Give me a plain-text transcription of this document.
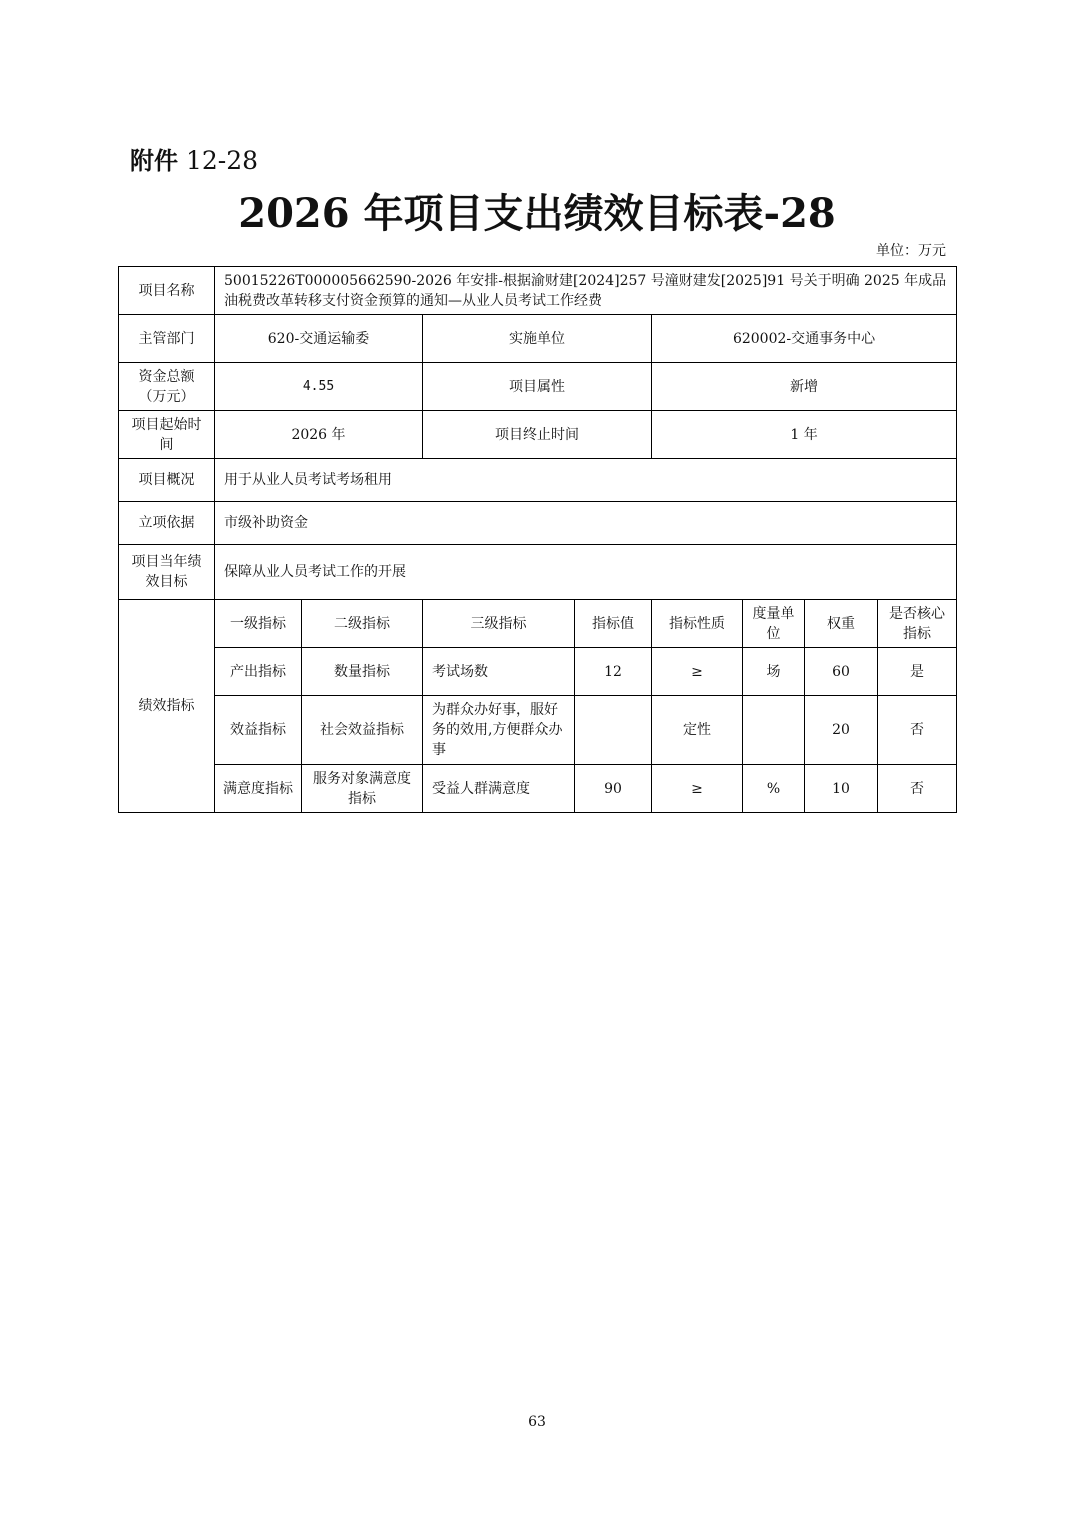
附件 12-28
2026 年项目支出绩效目标表-28
单位：万元
项目名称	50015226T000005662590-2026 年安排-根据渝财建[2024]257 号潼财建发[2025]91 号关于明确 2025 年成品油税费改革转移支付资金预算的通知—从业人员考试工作经费							
主管部门	620-交通运输委		实施单位		620002-交通事务中心			
资金总额（万元）	4.55		项目属性		新增			
项目起始时间	2026 年		项目终止时间		1 年			
项目概况	用于从业人员考试考场租用							
立项依据	市级补助资金							
项目当年绩效目标	保障从业人员考试工作的开展							
绩效指标	一级指标	二级指标	三级指标	指标值	指标性质	度量单位	权重	是否核心指标
	产出指标	数量指标	考试场数	12	≥	场	60	是
	效益指标	社会效益指标	为群众办好事，服好务的效用,方便群众办事		定性		20	否
	满意度指标	服务对象满意度指标	受益人群满意度	90	≥	%	10	否
63
